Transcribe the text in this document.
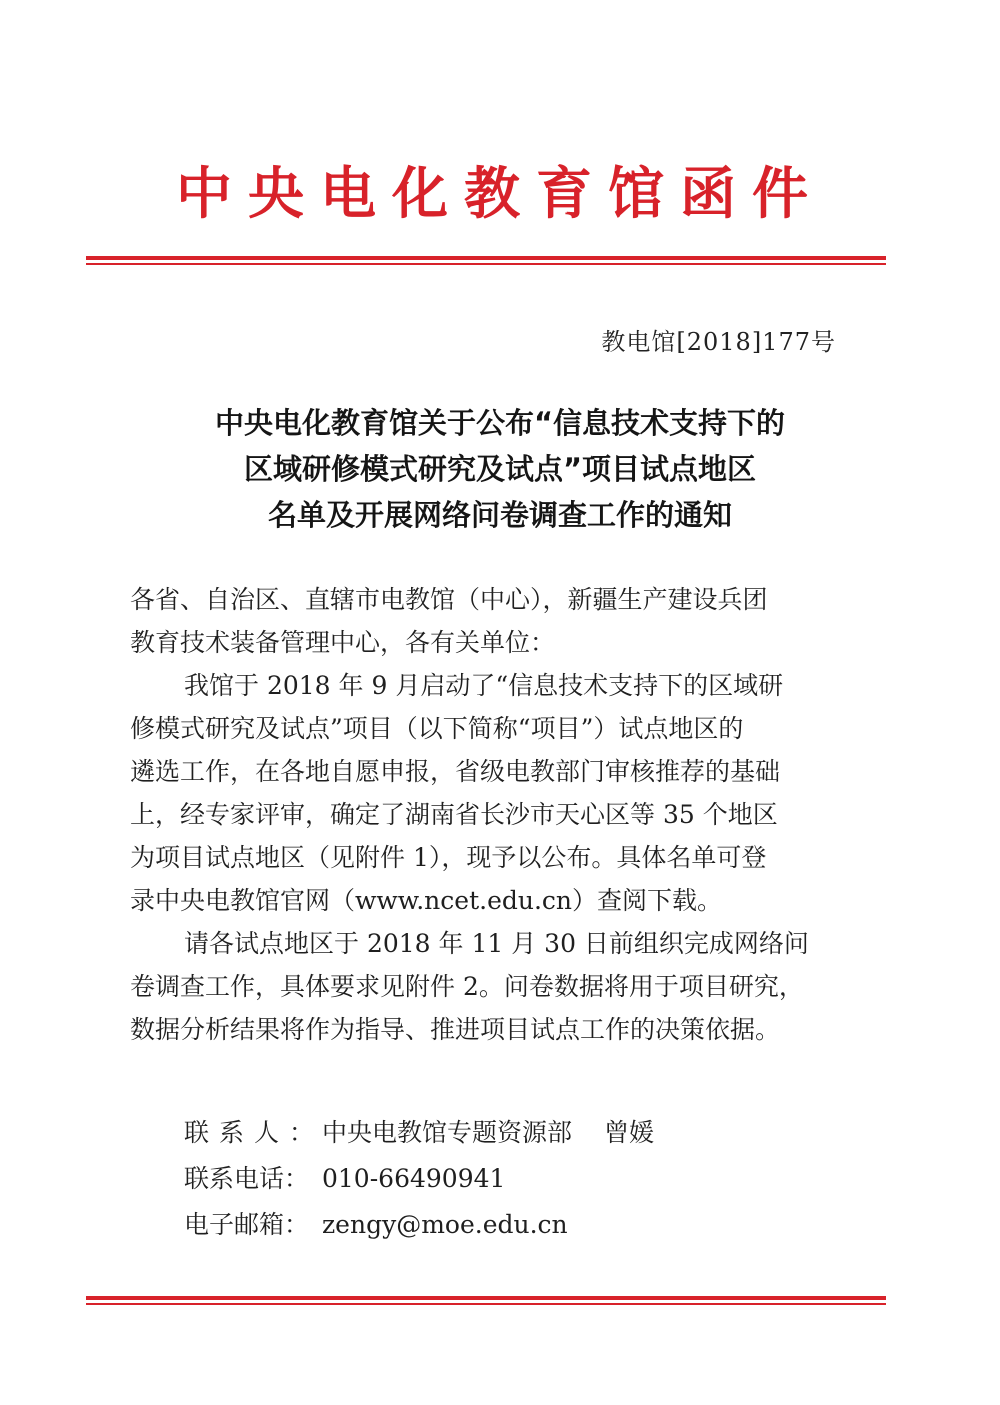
中央电化教育馆函件
教电馆[2018]177号
中央电化教育馆关于公布“信息技术支持下的
区域研修模式研究及试点”项目试点地区
名单及开展网络问卷调查工作的通知
各省、自治区、直辖市电教馆（中心），新疆生产建设兵团
教育技术装备管理中心，各有关单位：
我馆于 2018 年 9 月启动了“信息技术支持下的区域研
修模式研究及试点”项目（以下简称“项目”）试点地区的
遴选工作，在各地自愿申报，省级电教部门审核推荐的基础
上，经专家评审，确定了湖南省长沙市天心区等 35 个地区
为项目试点地区（见附件 1），现予以公布。具体名单可登
录中央电教馆官网（www.ncet.edu.cn）查阅下载。
请各试点地区于 2018 年 11 月 30 日前组织完成网络问
卷调查工作，具体要求见附件 2。问卷数据将用于项目研究，
数据分析结果将作为指导、推进项目试点工作的决策依据。
联系人：
中央电教馆专题资源部 曾媛
联系电话： 010-66490941
电子邮箱： zengy@moe.edu.cn
